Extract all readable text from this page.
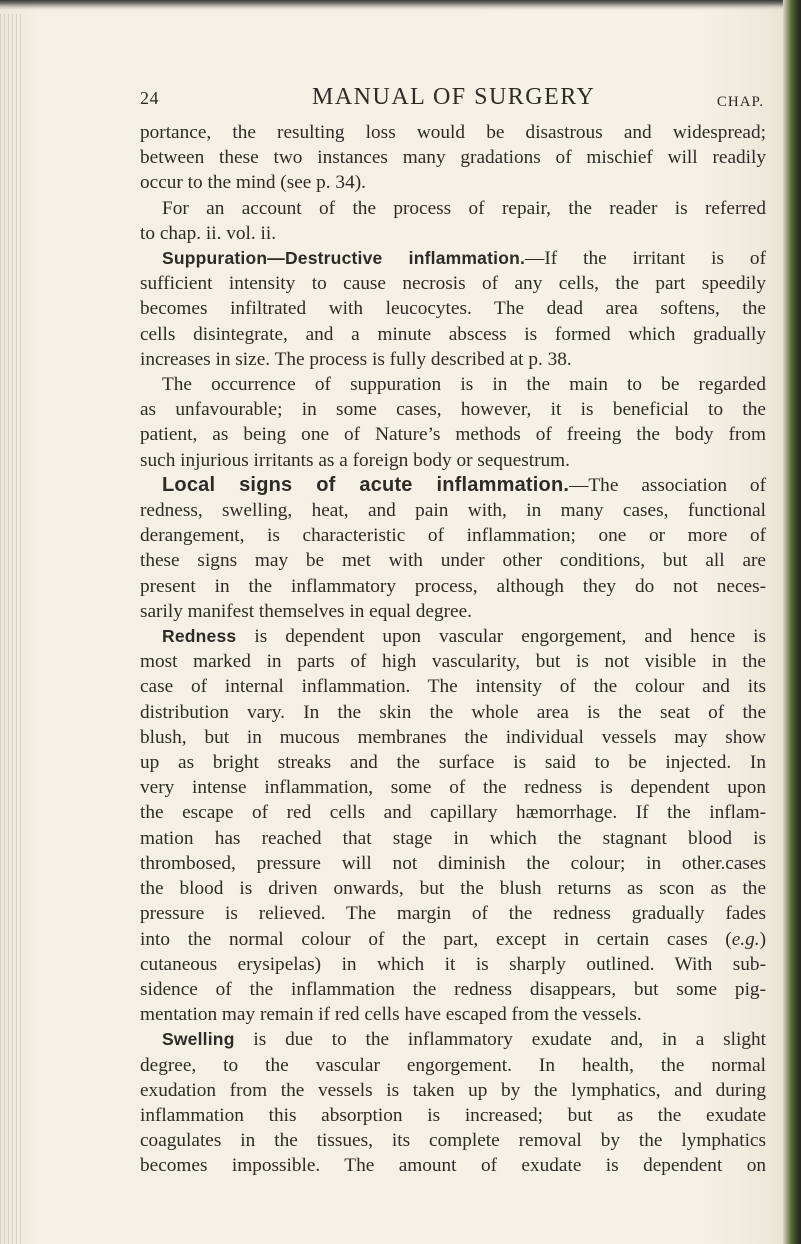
24	MANUAL OF SURGERY	CHAP.

portance, the resulting loss would be disastrous and widespread;
between these two instances many gradations of mischief will readily
occur to the mind (see p. 34).

For an account of the process of repair, the reader is referred
to chap. ii. vol. ii.

Suppuration—Destructive inflammation.—If the irritant is of
sufficient intensity to cause necrosis of any cells, the part speedily
becomes infiltrated with leucocytes. The dead area softens, the
cells disintegrate, and a minute abscess is formed which gradually
increases in size. The process is fully described at p. 38.

The occurrence of suppuration is in the main to be regarded
as unfavourable; in some cases, however, it is beneficial to the
patient, as being one of Nature’s methods of freeing the body from
such injurious irritants as a foreign body or sequestrum.

Local signs of acute inflammation.—The association of
redness, swelling, heat, and pain with, in many cases, functional
derangement, is characteristic of inflammation; one or more of
these signs may be met with under other conditions, but all are
present in the inflammatory process, although they do not neces-
sarily manifest themselves in equal degree.

Redness is dependent upon vascular engorgement, and hence is
most marked in parts of high vascularity, but is not visible in the
case of internal inflammation. The intensity of the colour and its
distribution vary. In the skin the whole area is the seat of the
blush, but in mucous membranes the individual vessels may show
up as bright streaks and the surface is said to be injected. In
very intense inflammation, some of the redness is dependent upon
the escape of red cells and capillary hæmorrhage. If the inflam-
mation has reached that stage in which the stagnant blood is
thrombosed, pressure will not diminish the colour; in other.cases
the blood is driven onwards, but the blush returns as scon as the
pressure is relieved. The margin of the redness gradually fades
into the normal colour of the part, except in certain cases (e.g.)
cutaneous erysipelas) in which it is sharply outlined. With sub-
sidence of the inflammation the redness disappears, but some pig-
mentation may remain if red cells have escaped from the vessels.

Swelling is due to the inflammatory exudate and, in a slight
degree, to the vascular engorgement. In health, the normal
exudation from the vessels is taken up by the lymphatics, and during
inflammation this absorption is increased; but as the exudate
coagulates in the tissues, its complete removal by the lymphatics
becomes impossible. The amount of exudate is dependent on
